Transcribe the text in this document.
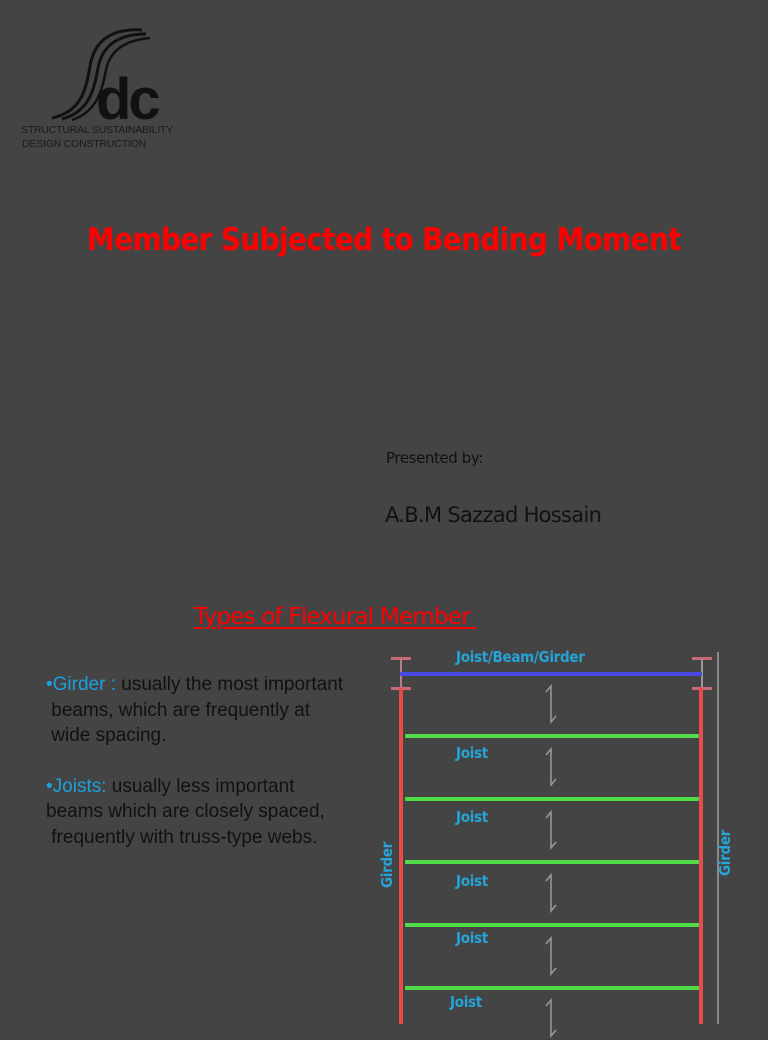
dc
STRUCTURAL SUSTAINABILITY
DESIGN CONSTRUCTION
Member Subjected to Bending Moment
Presented by:
A.B.M Sazzad Hossain
Types of Flexural Member

•Girder : usually the most important

beams, which are frequently at

wide spacing.

•Joists: usually less important

beams which are closely spaced,

frequently with truss-type webs.

Joist/Beam/Girder
Girder	Girder
Joist
Joist
Joist
Joist
Joist
